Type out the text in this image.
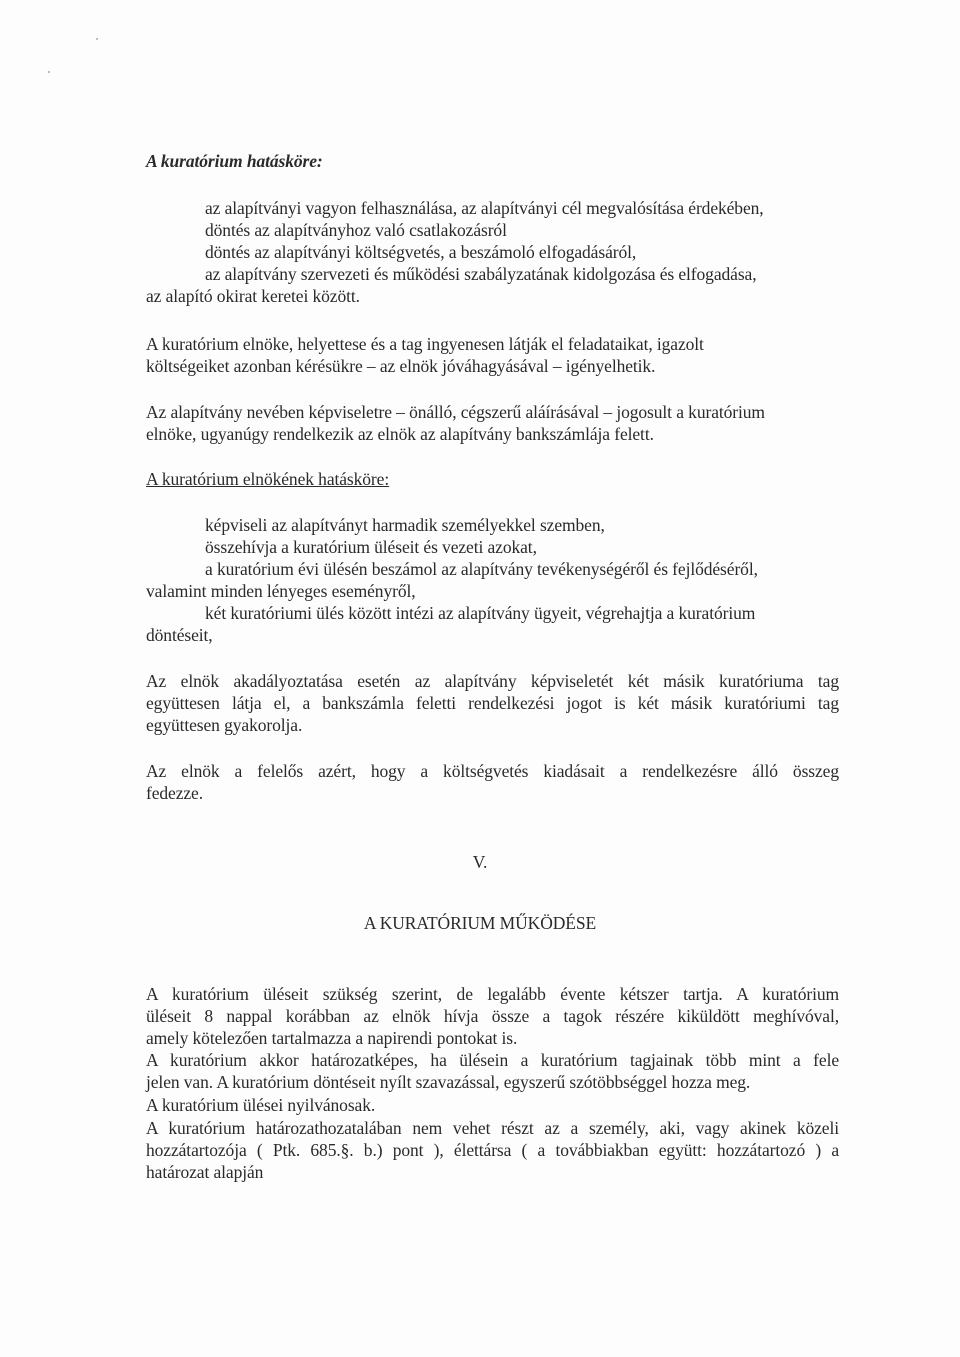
A kuratórium hatásköre:

az alapítványi vagyon felhasználása, az alapítványi cél megvalósítása érdekében,

döntés az alapítványhoz való csatlakozásról

döntés az alapítványi költségvetés, a beszámoló elfogadásáról,

az alapítvány szervezeti és működési szabályzatának kidolgozása és elfogadása,

az alapító okirat keretei között.

A kuratórium elnöke, helyettese és a tag ingyenesen látják el feladataikat, igazolt

költségeiket azonban kérésükre – az elnök jóváhagyásával – igényelhetik.

Az alapítvány nevében képviseletre – önálló, cégszerű aláírásával – jogosult a kuratórium

elnöke, ugyanúgy rendelkezik az elnök az alapítvány bankszámlája felett.

A kuratórium elnökének hatásköre:

képviseli az alapítványt harmadik személyekkel szemben,

összehívja a kuratórium üléseit és vezeti azokat,

a kuratórium évi ülésén beszámol az alapítvány tevékenységéről és fejlődéséről,

valamint minden lényeges eseményről,

két kuratóriumi ülés között intézi az alapítvány ügyeit, végrehajtja a kuratórium

döntéseit,

Az elnök akadályoztatása esetén az alapítvány képviseletét két másik kuratóriuma tag

együttesen látja el, a bankszámla feletti rendelkezési jogot is két másik kuratóriumi tag

együttesen gyakorolja.

Az elnök a felelős azért, hogy a költségvetés kiadásait a rendelkezésre álló összeg

fedezze.

V.

A KURATÓRIUM MŰKÖDÉSE

A kuratórium üléseit szükség szerint, de legalább évente kétszer tartja. A kuratórium

üléseit 8 nappal korábban az elnök hívja össze a tagok részére kiküldött meghívóval,

amely kötelezően tartalmazza a napirendi pontokat is.

A kuratórium akkor határozatképes, ha ülésein a kuratórium tagjainak több mint a fele

jelen van. A kuratórium döntéseit nyílt szavazással, egyszerű szótöbbséggel hozza meg.

A kuratórium ülései nyilvánosak.

A kuratórium határozathozatalában nem vehet részt az a személy, aki, vagy akinek közeli

hozzátartozója ( Ptk. 685.§. b.) pont ), élettársa ( a továbbiakban együtt: hozzátartozó ) a

határozat alapján
